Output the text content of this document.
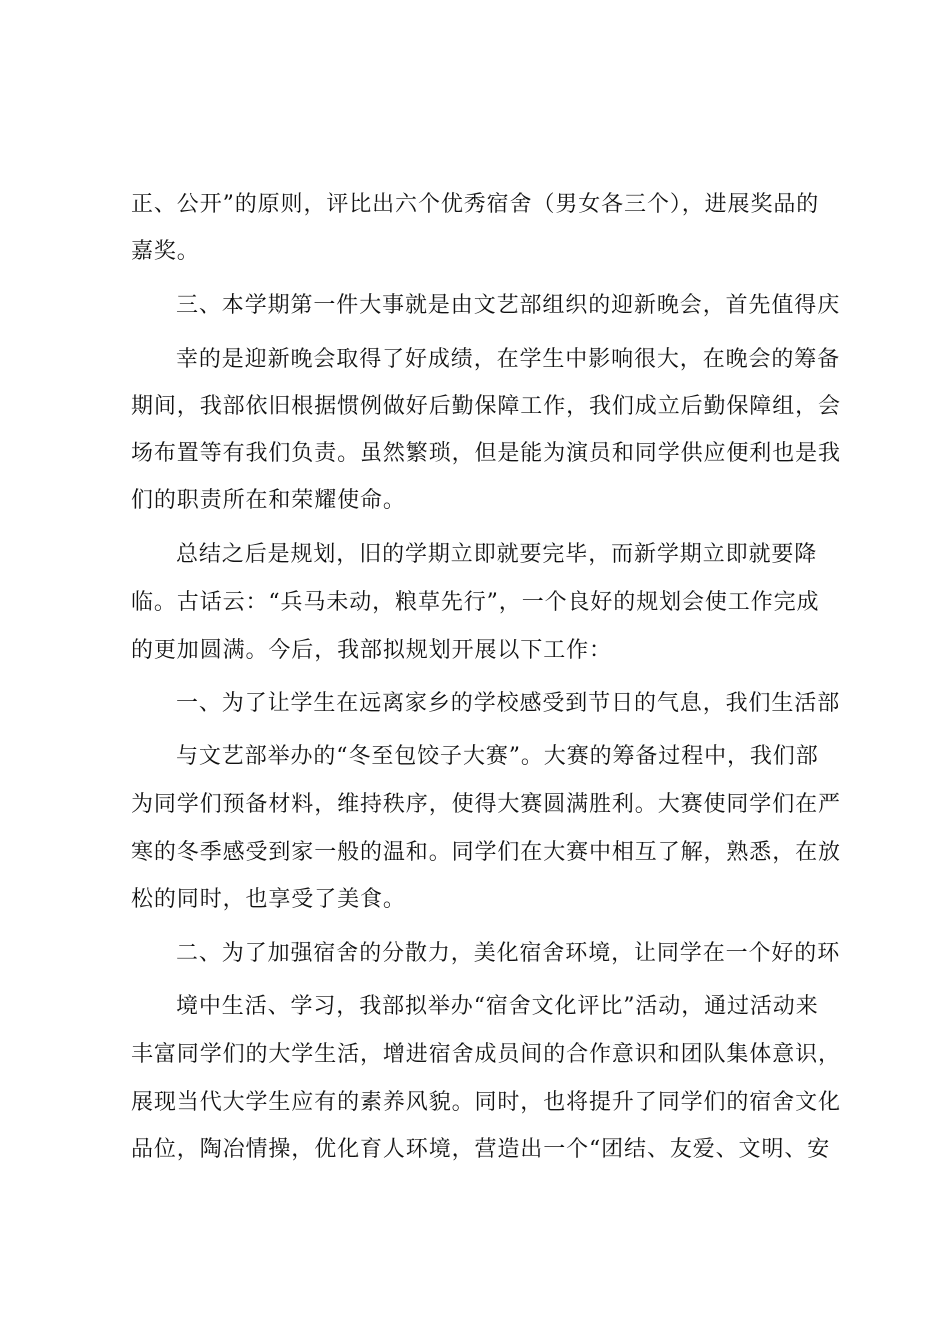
正、公开”的原则，评比出六个优秀宿舍（男女各三个），进展奖品的
嘉奖。
三、本学期第一件大事就是由文艺部组织的迎新晚会，首先值得庆
幸的是迎新晚会取得了好成绩，在学生中影响很大，在晚会的筹备
期间，我部依旧根据惯例做好后勤保障工作，我们成立后勤保障组，会
场布置等有我们负责。虽然繁琐，但是能为演员和同学供应便利也是我
们的职责所在和荣耀使命。
总结之后是规划，旧的学期立即就要完毕，而新学期立即就要降
临。古话云：“兵马未动，粮草先行”，一个良好的规划会使工作完成
的更加圆满。今后，我部拟规划开展以下工作：
一、为了让学生在远离家乡的学校感受到节日的气息，我们生活部
与文艺部举办的“冬至包饺子大赛”。大赛的筹备过程中，我们部
为同学们预备材料，维持秩序，使得大赛圆满胜利。大赛使同学们在严
寒的冬季感受到家一般的温和。同学们在大赛中相互了解，熟悉，在放
松的同时，也享受了美食。
二、为了加强宿舍的分散力，美化宿舍环境，让同学在一个好的环
境中生活、学习，我部拟举办“宿舍文化评比”活动，通过活动来
丰富同学们的大学生活，增进宿舍成员间的合作意识和团队集体意识，
展现当代大学生应有的素养风貌。同时，也将提升了同学们的宿舍文化
品位，陶冶情操，优化育人环境，营造出一个“团结、友爱、文明、安
